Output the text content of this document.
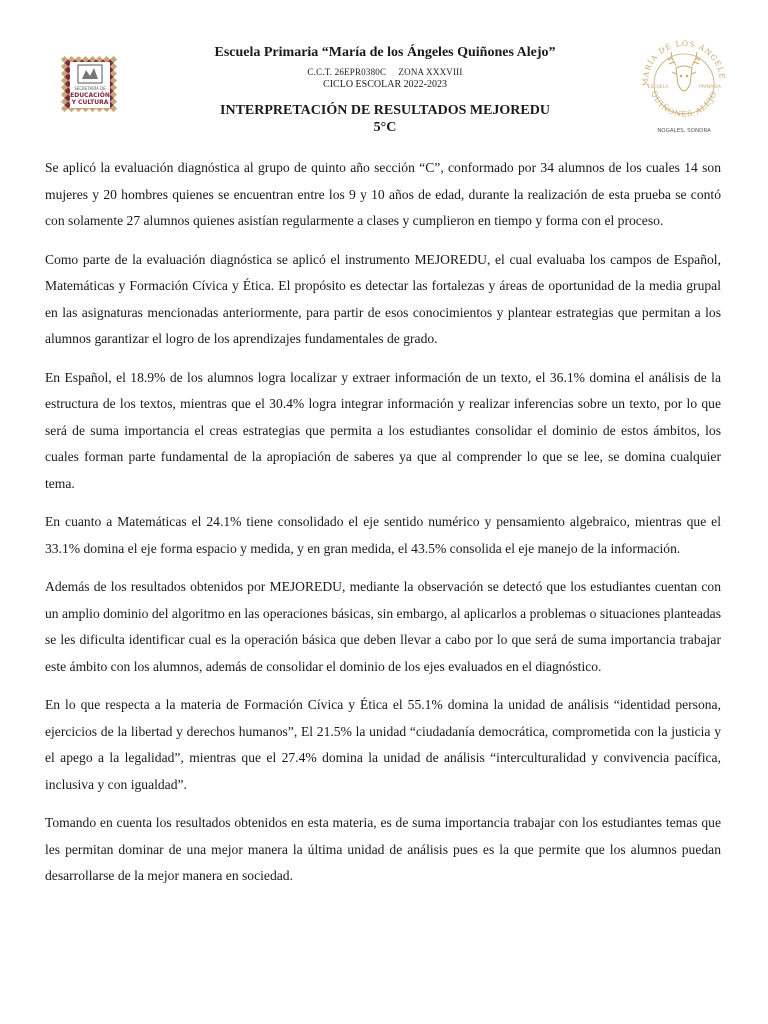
SECRETARÍA DE
EDUCACIÓN
Y CULTURA
Escuela Primaria “María de los Ángeles Quiñones Alejo”
C.C.T. 26EPR0380C     ZONA XXXVIII
CICLO ESCOLAR 2022-2023
INTERPRETACIÓN DE RESULTADOS MEJOREDU
5°C
MARÍA DE LOS ÁNGELE
QUIÑONES ALEJO
ESCUELA	PRIMARIA
NOGALES, SONORA

Se aplicó la evaluación diagnóstica al grupo de quinto año sección “C”, conformado por 34 alumnos de los cuales 14 son mujeres y 20 hombres quienes se encuentran entre los 9 y 10 años de edad, durante la realización de esta prueba se contó con solamente 27 alumnos quienes asistían regularmente a clases y cumplieron en tiempo y forma con el proceso.

Como parte de la evaluación diagnóstica se aplicó el instrumento MEJOREDU, el cual evaluaba los campos de Español, Matemáticas y Formación Cívica y Ética. El propósito es detectar las fortalezas y áreas de oportunidad de la media grupal en las asignaturas mencionadas anteriormente, para partir de esos conocimientos y plantear estrategias que permitan a los alumnos garantizar el logro de los aprendizajes fundamentales de grado.

En Español, el 18.9% de los alumnos logra localizar y extraer información de un texto, el 36.1% domina el análisis de la estructura de los textos, mientras que el 30.4% logra integrar información y realizar inferencias sobre un texto, por lo que será de suma importancia el creas estrategias que permita a los estudiantes consolidar el dominio de estos ámbitos, los cuales forman parte fundamental de la apropiación de saberes ya que al comprender lo que se lee, se domina cualquier tema.

En cuanto a Matemáticas el 24.1% tiene consolidado el eje sentido numérico y pensamiento algebraico, mientras que el 33.1% domina el eje forma espacio y medida, y en gran medida, el 43.5% consolida el eje manejo de la información.

Además de los resultados obtenidos por MEJOREDU, mediante la observación se detectó que los estudiantes cuentan con un amplio dominio del algoritmo en las operaciones básicas, sin embargo, al aplicarlos a problemas o situaciones planteadas se les dificulta identificar cual es la operación básica que deben llevar a cabo por lo que será de suma importancia trabajar este ámbito con los alumnos, además de consolidar el dominio de los ejes evaluados en el diagnóstico.

En lo que respecta a la materia de Formación Cívica y Ética el 55.1% domina la unidad de análisis “identidad persona, ejercicios de la libertad y derechos humanos”, El 21.5% la unidad “ciudadanía democrática, comprometida con la justicia y el apego a la legalidad”, mientras que el 27.4% domina la unidad de análisis “interculturalidad y convivencia pacífica, inclusiva y con igualdad”.

Tomando en cuenta los resultados obtenidos en esta materia, es de suma importancia trabajar con los estudiantes temas que les permitan dominar de una mejor manera la última unidad de análisis pues es la que permite que los alumnos puedan desarrollarse de la mejor manera en sociedad.
